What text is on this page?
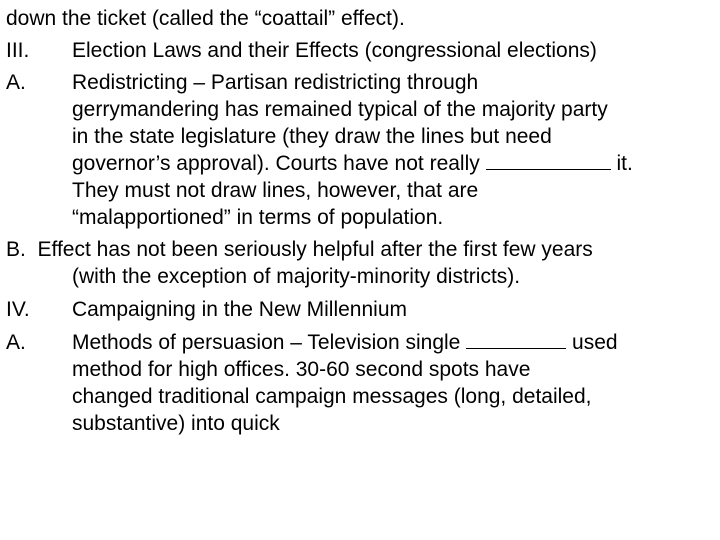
down the ticket (called the “coattail” effect).
III. Election Laws and their Effects (congressional elections)
A. Redistricting – Partisan redistricting through
gerrymandering has remained typical of the majority party
in the state legislature (they draw the lines but need
governor’s approval). Courts have not really	it.
They must not draw lines, however, that are
“malapportioned” in terms of population.
B. Effect has not been seriously helpful after the first few years
(with the exception of majority-minority districts).
IV. Campaigning in the New Millennium
A. Methods of persuasion – Television single	used
method for high offices. 30-60 second spots have
changed traditional campaign messages (long, detailed,
substantive) into quick
